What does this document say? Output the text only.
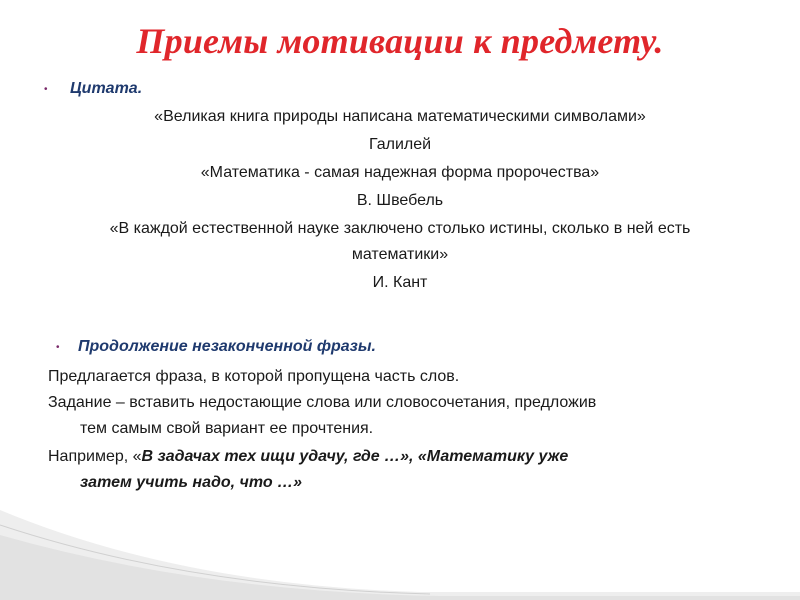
Приемы мотивации к предмету.
• Цитата.
«Великая книга природы написана математическими символами»
Галилей
«Математика - самая надежная форма пророчества»
В. Швебель
«В каждой естественной науке заключено столько истины, сколько в ней есть
математики»
И. Кант
• Продолжение незаконченной фразы.
Предлагается фраза, в которой пропущена часть слов.
Задание – вставить недостающие слова или словосочетания, предложив
тем самым свой вариант ее прочтения.
Например, «В задачах тех ищи удачу, где …», «Математику уже
затем учить надо, что …»
